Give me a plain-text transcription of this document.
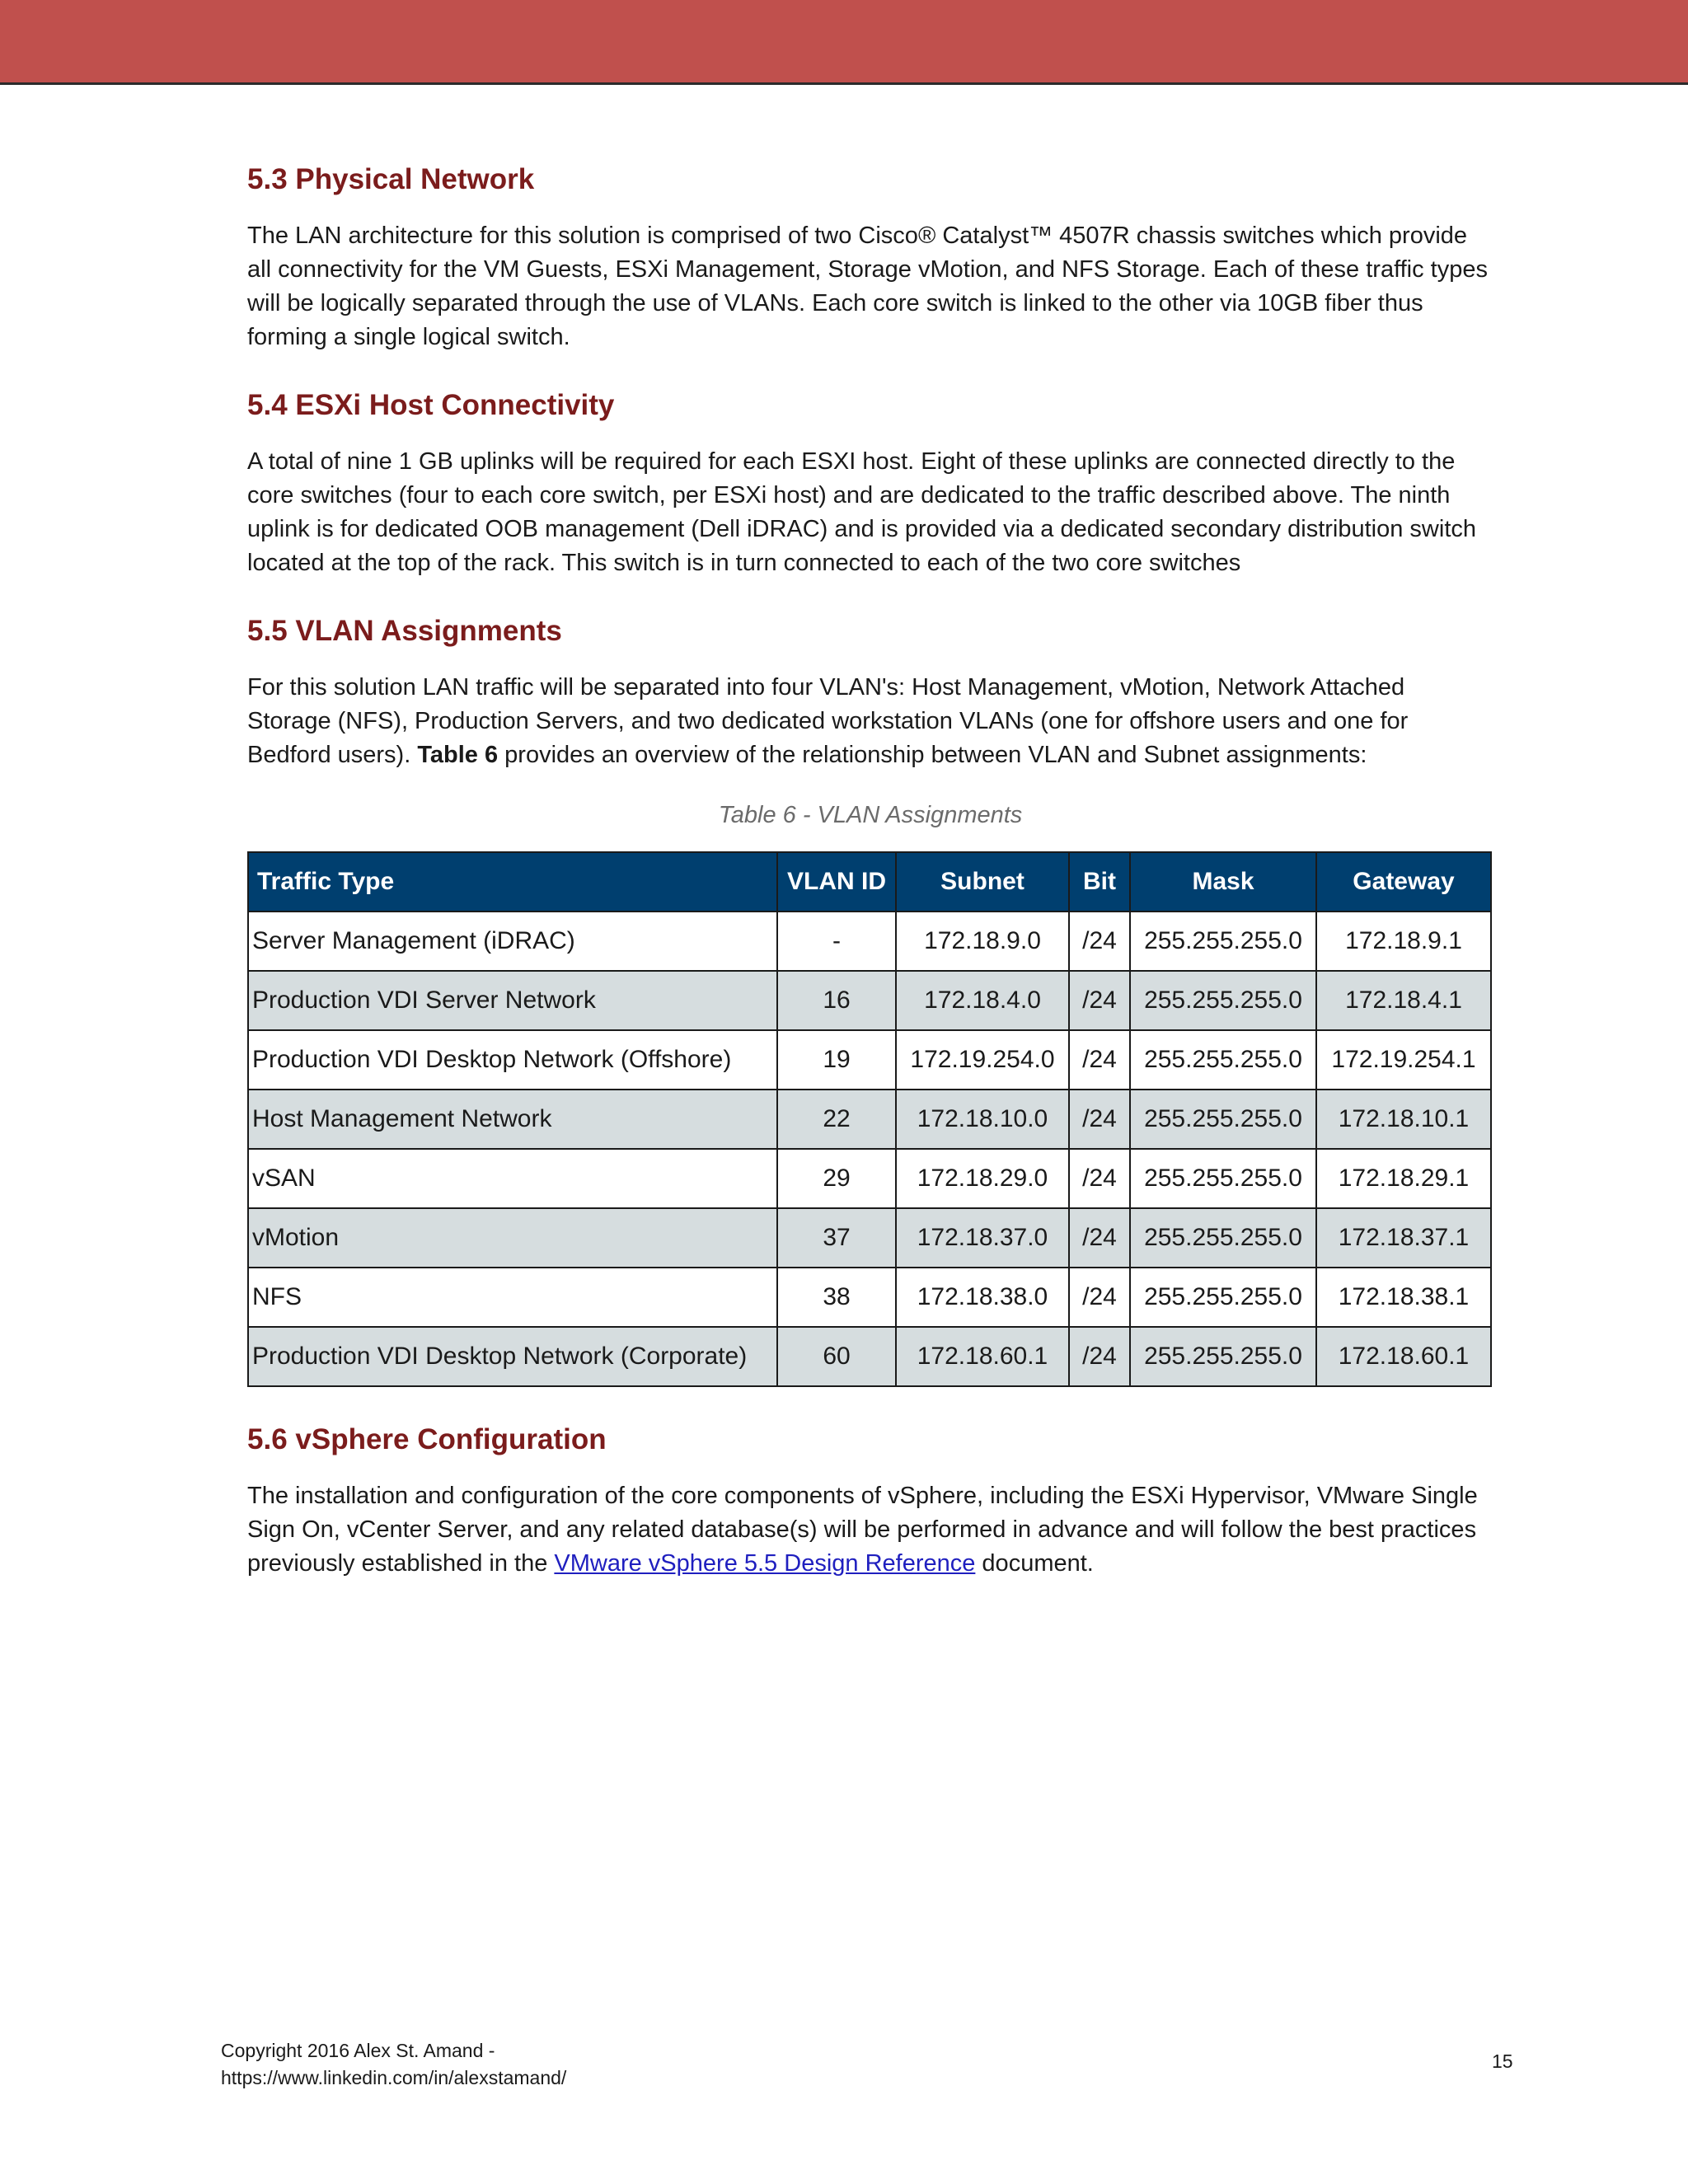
5.3 Physical Network

The LAN architecture for this solution is comprised of two Cisco® Catalyst™ 4507R chassis switches which provide all connectivity for the VM Guests, ESXi Management, Storage vMotion, and NFS Storage. Each of these traffic types will be logically separated through the use of VLANs. Each core switch is linked to the other via 10GB fiber thus forming a single logical switch.

5.4 ESXi Host Connectivity

A total of nine 1 GB uplinks will be required for each ESXI host. Eight of these uplinks are connected directly to the core switches (four to each core switch, per ESXi host) and are dedicated to the traffic described above. The ninth uplink is for dedicated OOB management (Dell iDRAC) and is provided via a dedicated secondary distribution switch located at the top of the rack. This switch is in turn connected to each of the two core switches

5.5 VLAN Assignments

For this solution LAN traffic will be separated into four VLAN's: Host Management, vMotion, Network Attached Storage (NFS), Production Servers, and two dedicated workstation VLANs (one for offshore users and one for Bedford users). Table 6 provides an overview of the relationship between VLAN and Subnet assignments:

Table 6 - VLAN Assignments
Traffic Type	VLAN ID	Subnet	Bit	Mask	Gateway
Server Management (iDRAC)	-	172.18.9.0	/24	255.255.255.0	172.18.9.1
Production VDI Server Network	16	172.18.4.0	/24	255.255.255.0	172.18.4.1
Production VDI Desktop Network (Offshore)	19	172.19.254.0	/24	255.255.255.0	172.19.254.1
Host Management Network	22	172.18.10.0	/24	255.255.255.0	172.18.10.1
vSAN	29	172.18.29.0	/24	255.255.255.0	172.18.29.1
vMotion	37	172.18.37.0	/24	255.255.255.0	172.18.37.1
NFS	38	172.18.38.0	/24	255.255.255.0	172.18.38.1
Production VDI Desktop Network (Corporate)	60	172.18.60.1	/24	255.255.255.0	172.18.60.1
5.6 vSphere Configuration

The installation and configuration of the core components of vSphere, including the ESXi Hypervisor, VMware Single Sign On, vCenter Server, and any related database(s) will be performed in advance and will follow the best practices previously established in the VMware vSphere 5.5 Design Reference document.

Copyright 2016 Alex St. Amand -
https://www.linkedin.com/in/alexstamand/
15
